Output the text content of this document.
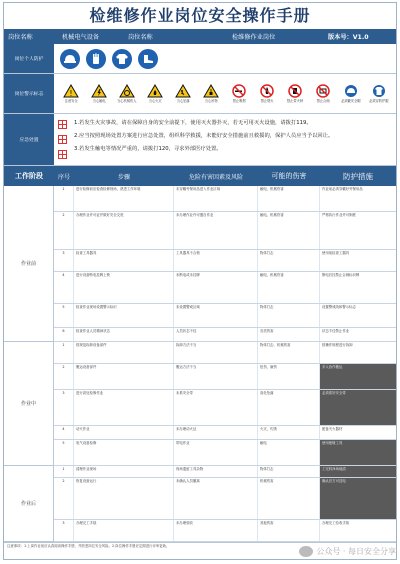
检维修作业岗位安全操作手册
岗位名称	机械电气设备	岗位名称	检维修作业岗位	版本号：V1.0
岗位个人防护
岗位警示标志	!
注意安全	当心触电	当心机械伤人	当心火灾	当心坠落	当心吊物	禁止吸烟	禁止烟火	禁止带火种	禁止合闸	必须戴安全帽 必须穿防护服
应急处置
1.若发生火灾事故，请在保障自身的安全前提下，使用灭火器扑灭，若无可用灭火设施，请拨打119。
2.应当按照现场处置方案进行应急处置，组织科学救援，未能好安全措施前且救援的，保护人员应当予以回让。
3.若发生触电等情况严重的，请拨打120，寻求外部医疗处置。
工作阶段	序号	步骤	危险有害因素及风险	可能的伤害	防护措施
作业前
作业中
作业后
1	进行检修前应检查检修现场，熟悉工作环境	未穿戴劳保用品进入作业区域	触电、机械伤害	作业前必须穿戴好劳保用品
2	办理作业许可证并做好安全交底	未办理作业许可擅自作业	触电、机械伤害	严格执行作业许可制度
3	检查工具器具	工具器具不合格	物体打击	使用前检查工器具
4	进行设备断电挂牌上锁	未断电或未挂牌	触电、机械伤害	断电后挂禁止合闸标识牌
5	检查作业现场设置警示标识	未设置警戒区域	物体打击	设置警戒线和警示标志
6	检查作业人员精神状态	人员状态不佳	各类伤害	状态不佳禁止作业
1	按规范拆卸设备部件	拆卸方法不当	物体打击、机械伤害	按操作规程进行拆卸
2	搬运设备部件	搬运方法不当	扭伤、砸伤	多人协作搬运
3	进行高处检修作业	未系安全带	高处坠落	必须系好安全带
4	动火作业	未办理动火证	火灾、灼烫	配备灭火器材
5	电气设备检修	带电作业	触电	使用绝缘工具
1	清理作业现场	现场遗留工具杂物	物体打击	工完料净场地清
2	恢复设备运行	未确认人员撤离	机械伤害	确认后方可送电
3	办理完工手续	未办理验收	其他伤害	办理完工验收手续
注意事项：1.上岗作业前应认真阅读操作手册，并熟悉岗位安全风险。2.岗位操作手册应定期进行评审更新。
公众号 · 每日安全分享
